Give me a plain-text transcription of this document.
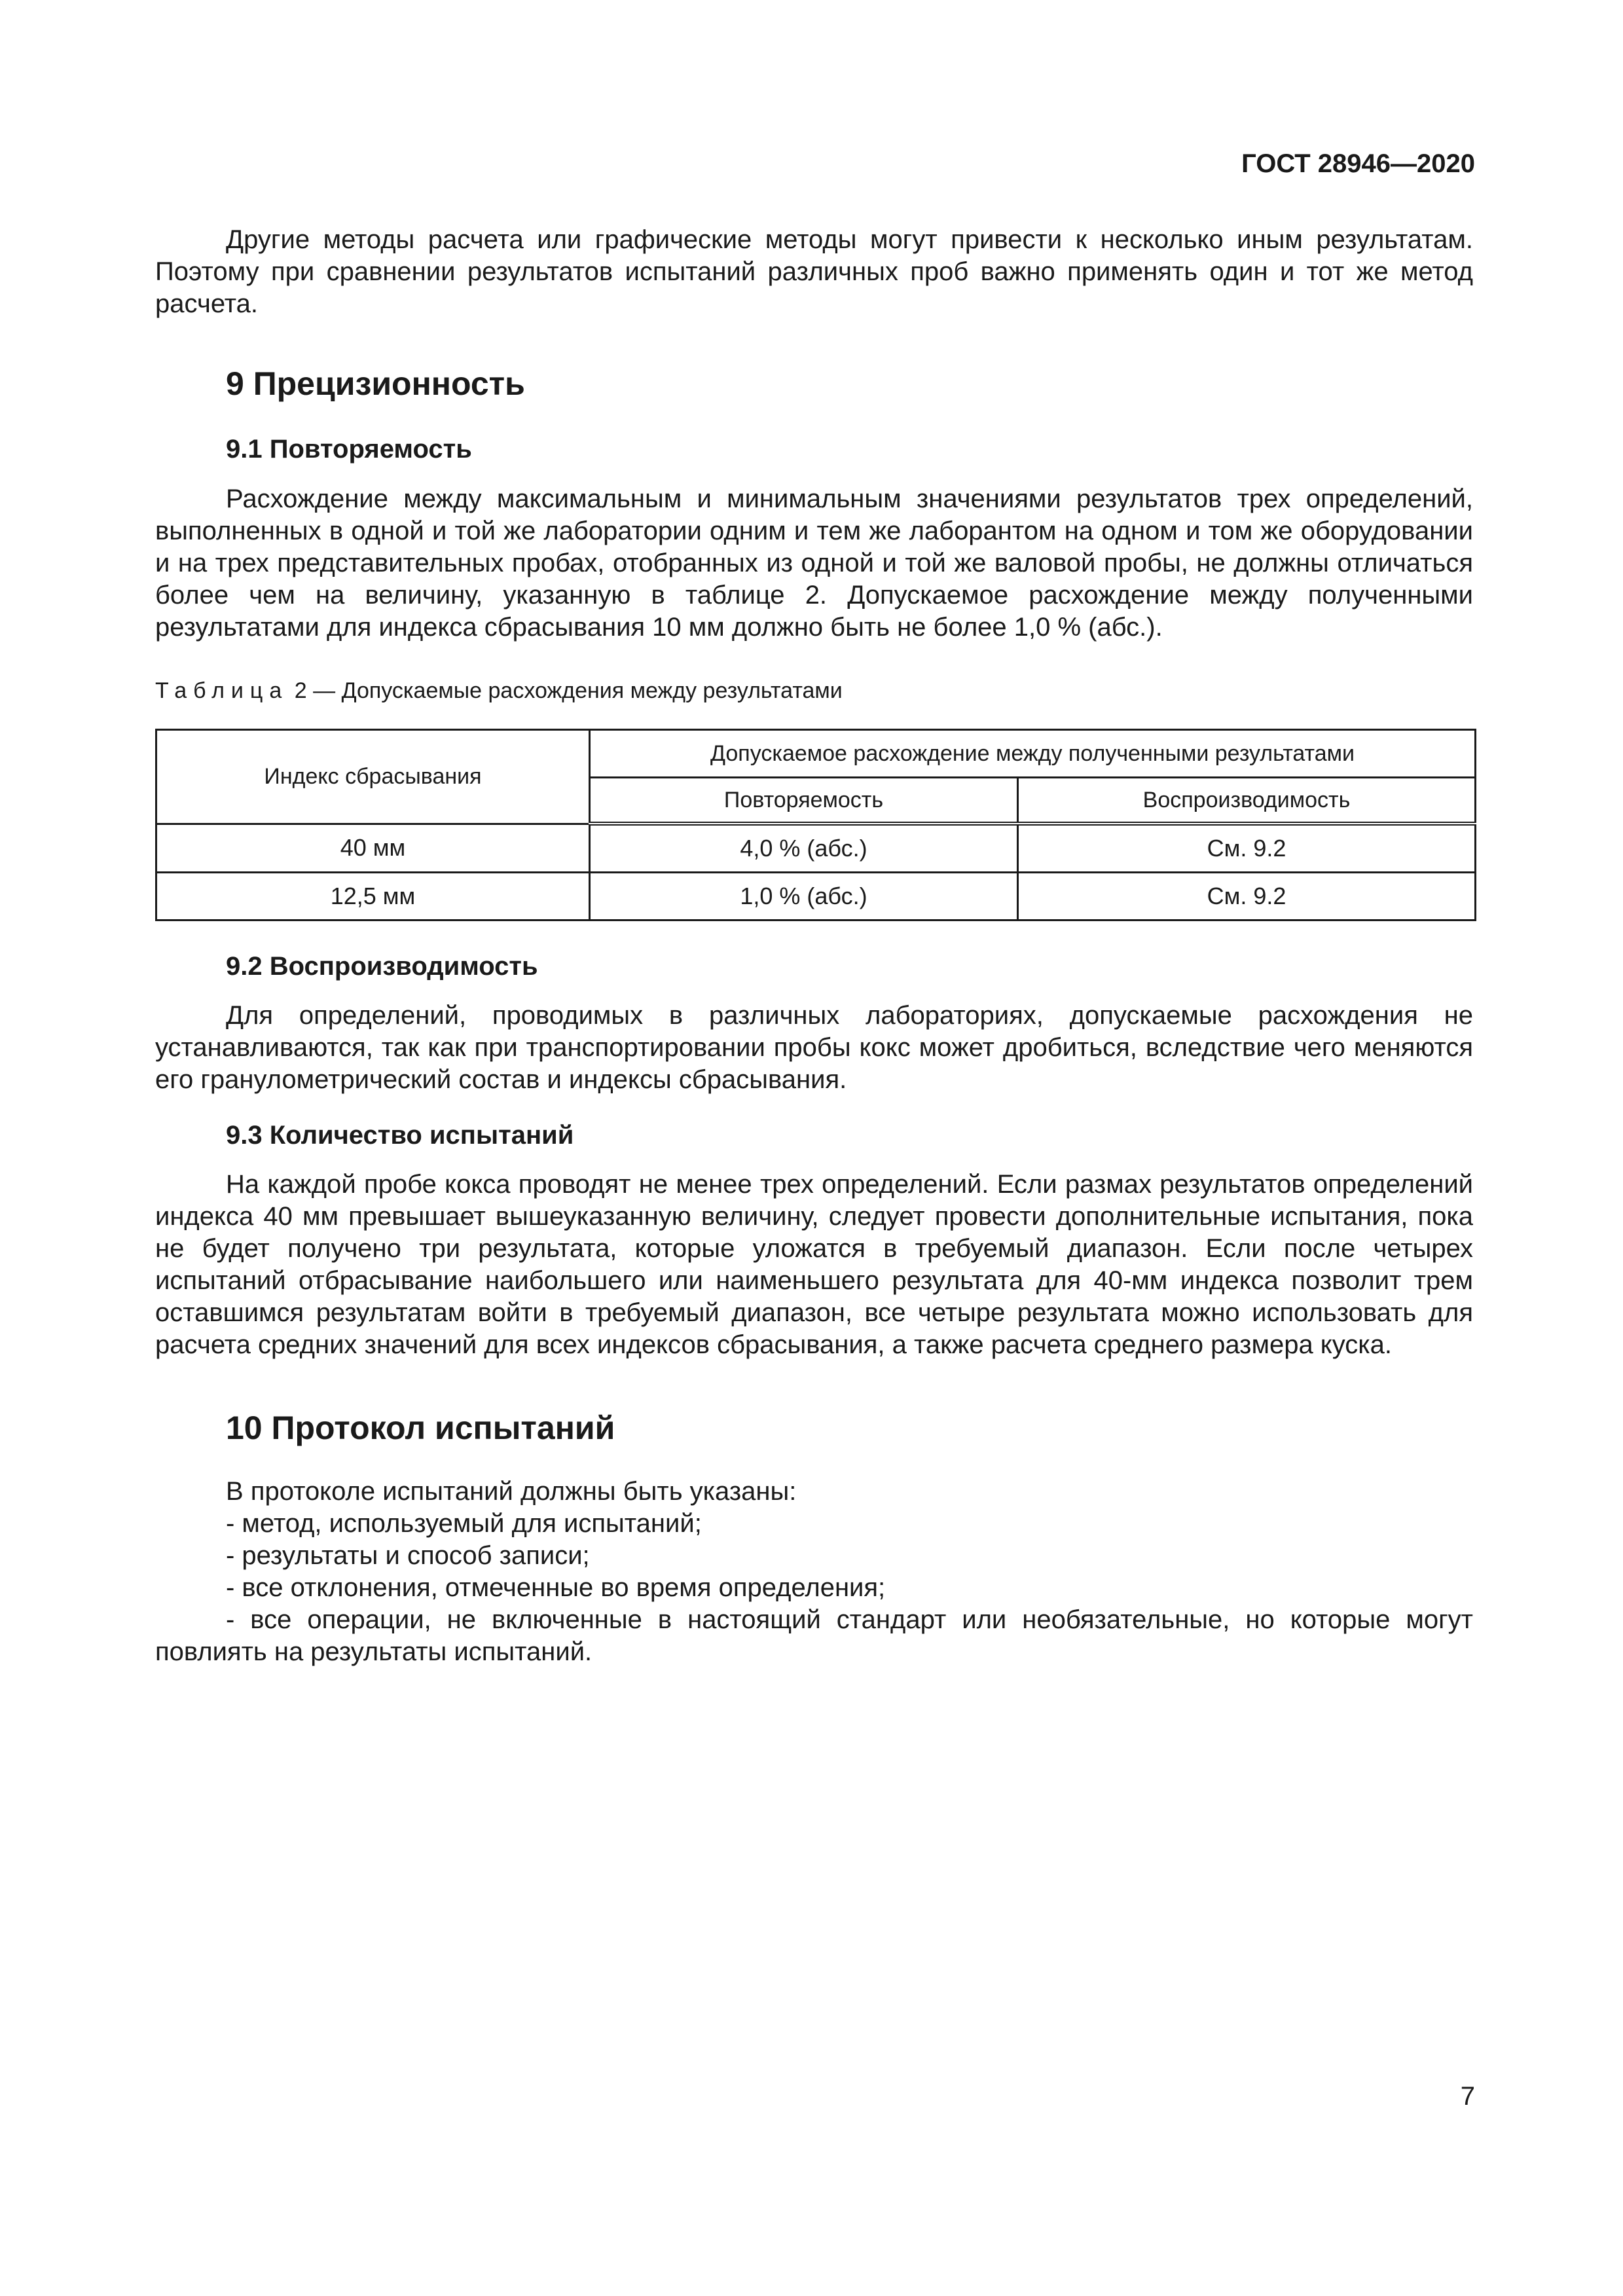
ГОСТ 28946—2020

Другие методы расчета или графические методы могут привести к несколько иным результатам. Поэтому при сравнении результатов испытаний различных проб важно применять один и тот же метод расчета.

9 Прецизионность
9.1 Повторяемость

Расхождение между максимальным и минимальным значениями результатов трех определений, выполненных в одной и той же лаборатории одним и тем же лаборантом на одном и том же оборудовании и на трех представительных пробах, отобранных из одной и той же валовой пробы, не должны отличаться более чем на величину, указанную в таблице 2. Допускаемое расхождение между полученными результатами для индекса сбрасывания 10 мм должно быть не более 1,0 % (абс.).

Таблица 2 — Допускаемые расхождения между результатами
Индекс сбрасывания	Допускаемое расхождение между полученными результатами	
	Повторяемость	Воспроизводимость
40 мм	4,0 % (абс.)	См. 9.2
12,5 мм	1,0 % (абс.)	См. 9.2
9.2 Воспроизводимость

Для определений, проводимых в различных лабораториях, допускаемые расхождения не устанавливаются, так как при транспортировании пробы кокс может дробиться, вследствие чего меняются его гранулометрический состав и индексы сбрасывания.

9.3 Количество испытаний

На каждой пробе кокса проводят не менее трех определений. Если размах результатов определений индекса 40 мм превышает вышеуказанную величину, следует провести дополнительные испытания, пока не будет получено три результата, которые уложатся в требуемый диапазон. Если после четырех испытаний отбрасывание наибольшего или наименьшего результата для 40-мм индекса позволит трем оставшимся результатам войти в требуемый диапазон, все четыре результата можно использовать для расчета средних значений для всех индексов сбрасывания, а также расчета среднего размера куска.

10 Протокол испытаний

В протоколе испытаний должны быть указаны:

- метод, используемый для испытаний;

- результаты и способ записи;

- все отклонения, отмеченные во время определения;

- все операции, не включенные в настоящий стандарт или необязательные, но которые могут повлиять на результаты испытаний.

7
